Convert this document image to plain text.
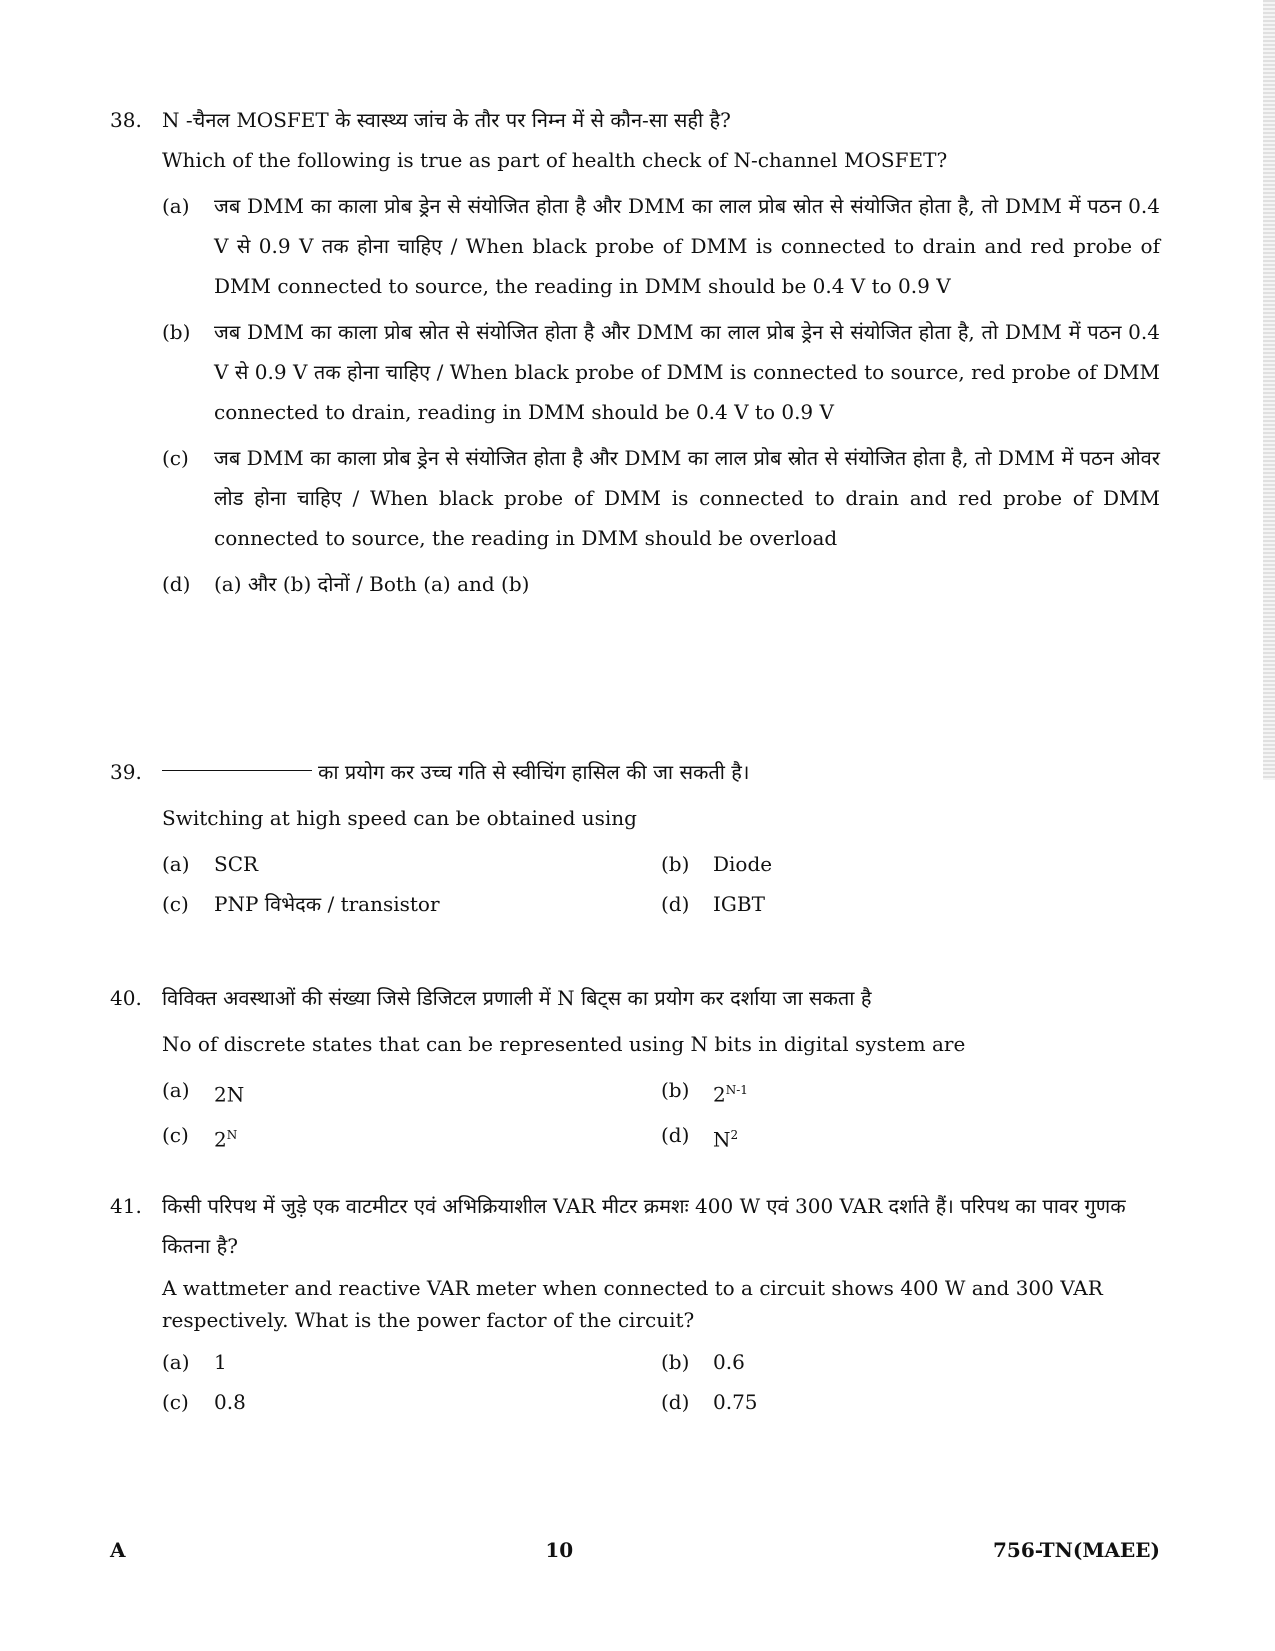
38.	N -चैनल MOSFET के स्वास्थ्य जांच के तौर पर निम्न में से कौन-सा सही है?
Which of the following is true as part of health check of N-channel MOSFET?
(a) जब DMM का काला प्रोब ड्रेन से संयोजित होता है और DMM का लाल प्रोब स्रोत से संयोजित होता है, तो DMM में पठन 0.4 V से 0.9 V तक होना चाहिए / When black probe of DMM is connected to drain and red probe of DMM connected to source, the reading in DMM should be 0.4 V to 0.9 V
(b) जब DMM का काला प्रोब स्रोत से संयोजित होता है और DMM का लाल प्रोब ड्रेन से संयोजित होता है, तो DMM में पठन 0.4 V से 0.9 V तक होना चाहिए / When black probe of DMM is connected to source, red probe of DMM connected to drain, reading in DMM should be 0.4 V to 0.9 V
(c) जब DMM का काला प्रोब ड्रेन से संयोजित होता है और DMM का लाल प्रोब स्रोत से संयोजित होता है, तो DMM में पठन ओवर लोड होना चाहिए / When black probe of DMM is connected to drain and red probe of DMM connected to source, the reading in DMM should be overload
(d) (a) और (b) दोनों / Both (a) and (b)
39.	का प्रयोग कर उच्च गति से स्वीचिंग हासिल की जा सकती है।
Switching at high speed can be obtained using
(a) SCR	(b) Diode
(c) PNP विभेदक / transistor	(d) IGBT
40.	विविक्त अवस्थाओं की संख्या जिसे डिजिटल प्रणाली में N बिट्स का प्रयोग कर दर्शाया जा सकता है
No of discrete states that can be represented using N bits in digital system are
(a) 2N	(b) $2^{N-1}$
(c) $2^N$	(d) $N^2$
41.	किसी परिपथ में जुड़े एक वाटमीटर एवं अभिक्रियाशील VAR मीटर क्रमशः 400 W एवं 300 VAR दर्शाते हैं। परिपथ का पावर गुणक कितना है?
A wattmeter and reactive VAR meter when connected to a circuit shows 400 W and 300 VAR respectively. What is the power factor of the circuit?
(a) 1	(b) 0.6
(c) 0.8	(d) 0.75
A	10	756-TN(MAEE)
